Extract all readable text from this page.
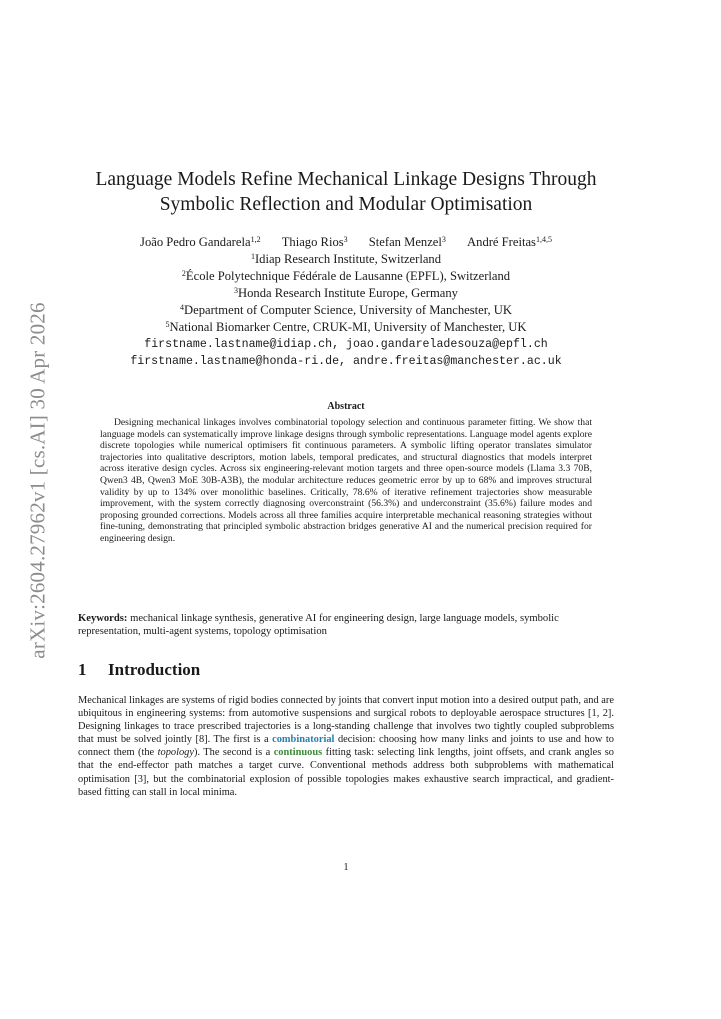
arXiv:2604.27962v1 [cs.AI] 30 Apr 2026
Language Models Refine Mechanical Linkage Designs Through
Symbolic Reflection and Modular Optimisation
João Pedro Gandarela$^{1,2}$ Thiago Rios$^3$ Stefan Menzel$^3$ André Freitas$^{1,4,5}$
$^1$Idiap Research Institute, Switzerland
$^2$École Polytechnique Fédérale de Lausanne (EPFL), Switzerland
$^3$Honda Research Institute Europe, Germany
$^4$Department of Computer Science, University of Manchester, UK
$^5$National Biomarker Centre, CRUK-MI, University of Manchester, UK
firstname.lastname@idiap.ch, joao.gandareladesouza@epfl.ch
firstname.lastname@honda-ri.de, andre.freitas@manchester.ac.uk
Abstract

Designing mechanical linkages involves combinatorial topology selection and continuous parameter fitting. We show that language models can systematically improve linkage designs through symbolic representations. Language model agents explore discrete topologies while numerical optimisers fit continuous parameters. A symbolic lifting operator translates simulator trajectories into qualitative descriptors, motion labels, temporal predicates, and structural diagnostics that models interpret across iterative design cycles. Across six engineering-relevant motion targets and three open-source models (Llama 3.3 70B, Qwen3 4B, Qwen3 MoE 30B-A3B), the modular architecture reduces geometric error by up to 68% and improves structural validity by up to 134% over monolithic baselines. Critically, 78.6% of iterative refinement trajectories show measurable improvement, with the system correctly diagnosing overconstraint (56.3%) and underconstraint (35.6%) failure modes and proposing grounded corrections. Models across all three families acquire interpretable mechanical reasoning strategies without fine-tuning, demonstrating that principled symbolic abstraction bridges generative AI and the numerical precision required for engineering design.

Keywords: mechanical linkage synthesis, generative AI for engineering design, large language models, symbolic representation, multi-agent systems, topology optimisation

1 Introduction

Mechanical linkages are systems of rigid bodies connected by joints that convert input motion into a desired output path, and are ubiquitous in engineering systems: from automotive suspensions and surgical robots to deployable aerospace structures [1, 2]. Designing linkages to trace prescribed trajectories is a long-standing challenge that involves two tightly coupled subproblems that must be solved jointly [8]. The first is a combinatorial decision: choosing how many links and joints to use and how to connect them (the topology). The second is a continuous fitting task: selecting link lengths, joint offsets, and crank angles so that the end-effector path matches a target curve. Conventional methods address both subproblems with mathematical optimisation [3], but the combinatorial explosion of possible topologies makes exhaustive search impractical, and gradient-based fitting can stall in local minima.

1
